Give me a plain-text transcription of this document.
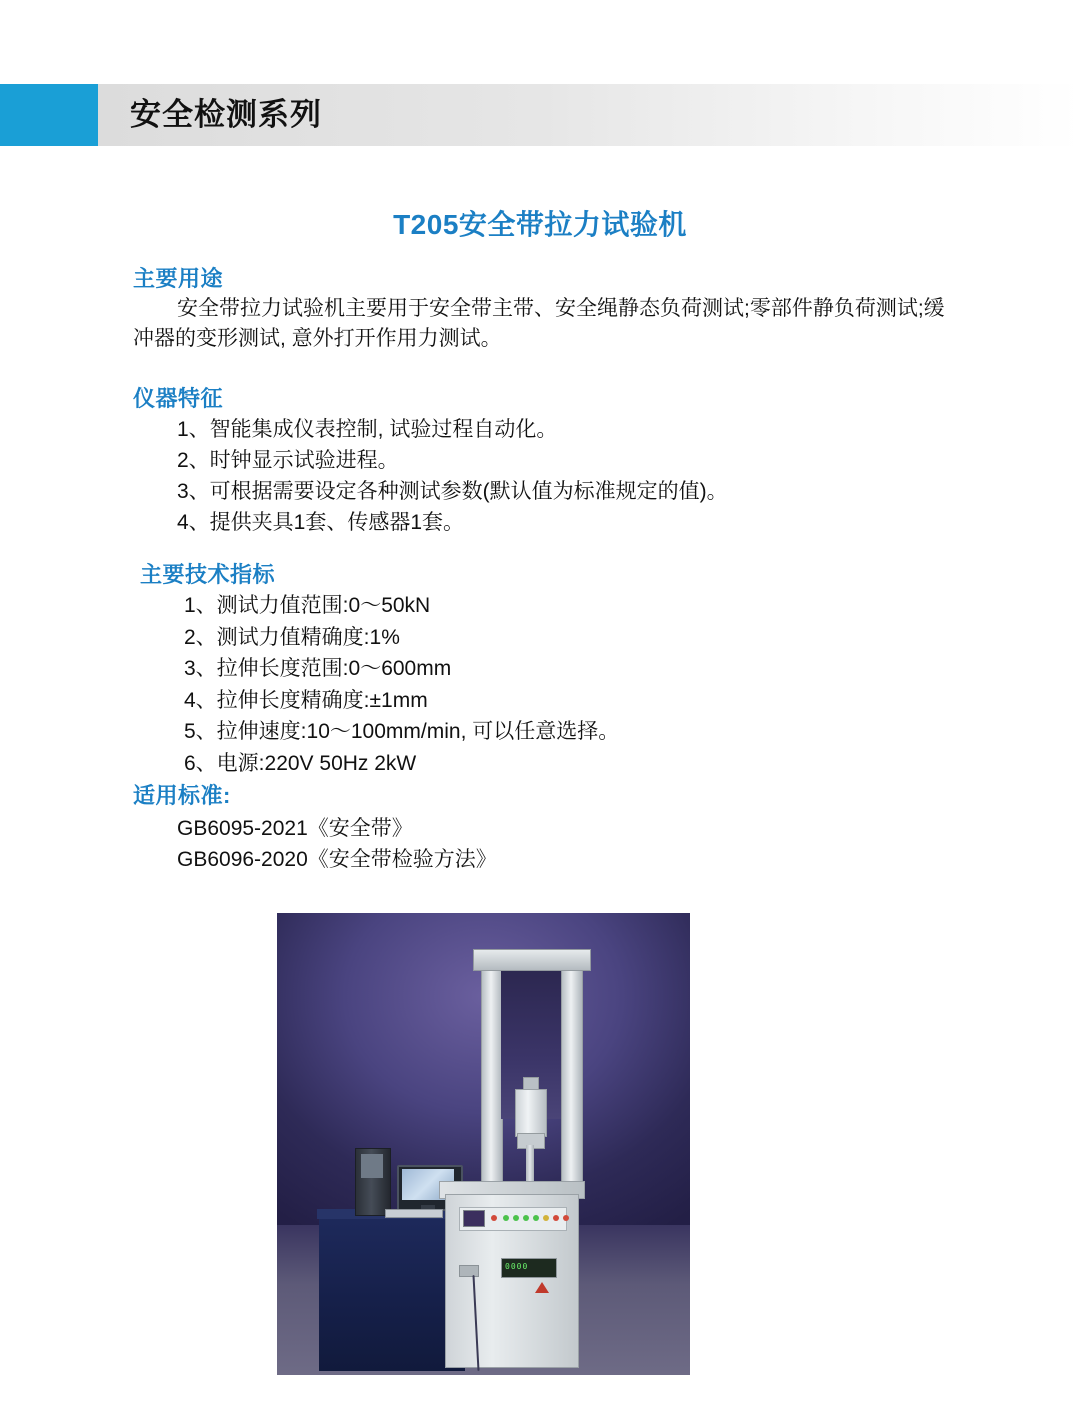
安全检测系列
T205安全带拉力试验机
主要用途
安全带拉力试验机主要用于安全带主带、安全绳静态负荷测试;零部件静负荷测试;缓冲器的变形测试, 意外打开作用力测试。
仪器特征
1、智能集成仪表控制, 试验过程自动化。
2、时钟显示试验进程。
3、可根据需要设定各种测试参数(默认值为标准规定的值)。
4、提供夹具1套、传感器1套。
主要技术指标
1、测试力值范围:0～50kN
2、测试力值精确度:1%
3、拉伸长度范围:0～600mm
4、拉伸长度精确度:±1mm
5、拉伸速度:10～100mm/min, 可以任意选择。
6、电源:220V 50Hz 2kW
适用标准:
GB6095-2021《安全带》
GB6096-2020《安全带检验方法》
0000
